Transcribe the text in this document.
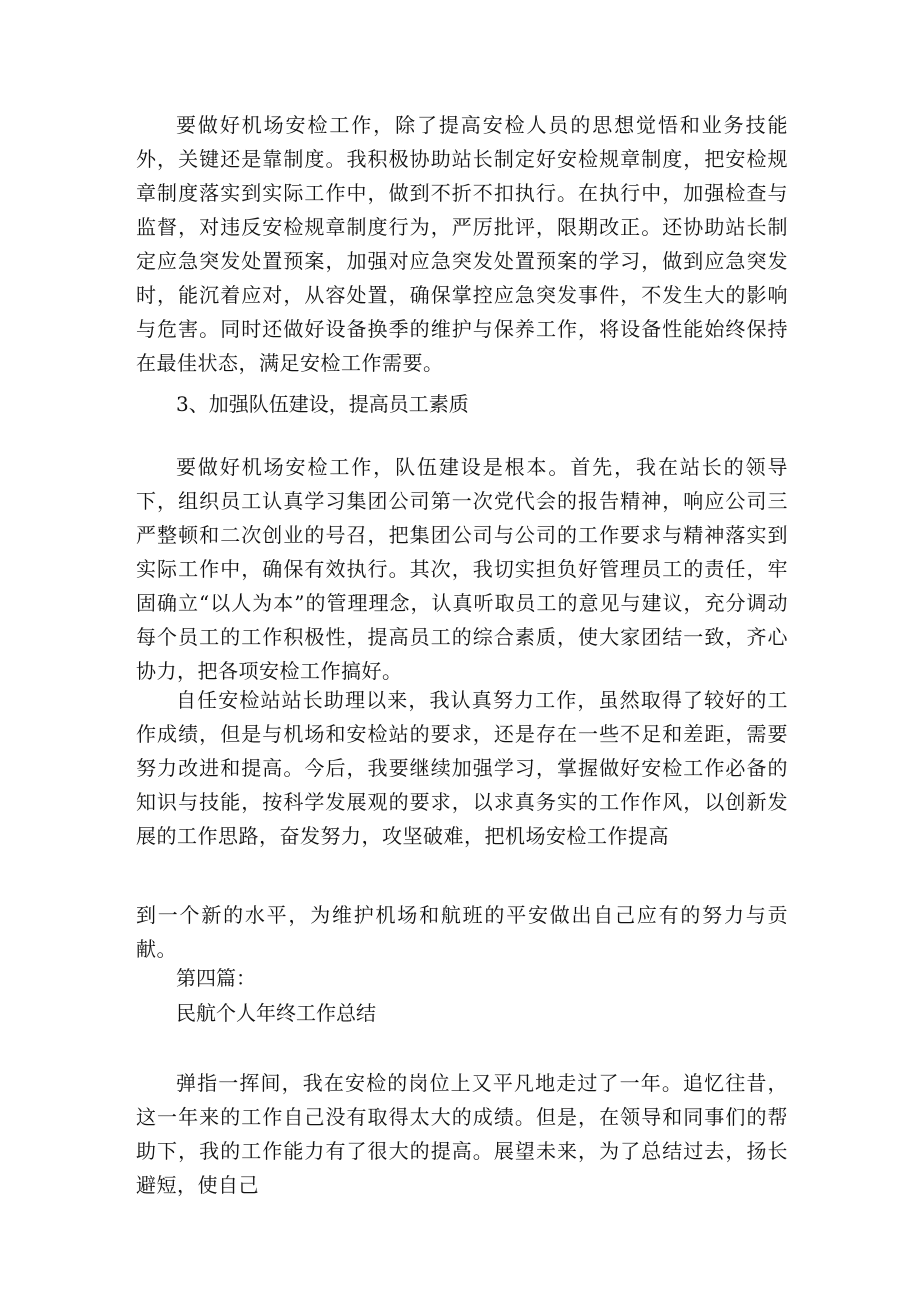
要做好机场安检工作，除了提高安检人员的思想觉悟和业务技能外，关键还是靠制度。我积极协助站长制定好安检规章制度，把安检规章制度落实到实际工作中，做到不折不扣执行。在执行中，加强检查与监督，对违反安检规章制度行为，严厉批评，限期改正。还协助站长制定应急突发处置预案，加强对应急突发处置预案的学习，做到应急突发时，能沉着应对，从容处置，确保掌控应急突发事件，不发生大的影响与危害。同时还做好设备换季的维护与保养工作，将设备性能始终保持在最佳状态，满足安检工作需要。

3、加强队伍建设，提高员工素质

要做好机场安检工作，队伍建设是根本。首先，我在站长的领导下，组织员工认真学习集团公司第一次党代会的报告精神，响应公司三严整顿和二次创业的号召，把集团公司与公司的工作要求与精神落实到实际工作中，确保有效执行。其次，我切实担负好管理员工的责任，牢固确立“以人为本”的管理理念，认真听取员工的意见与建议，充分调动每个员工的工作积极性，提高员工的综合素质，使大家团结一致，齐心协力，把各项安检工作搞好。

自任安检站站长助理以来，我认真努力工作，虽然取得了较好的工作成绩，但是与机场和安检站的要求，还是存在一些不足和差距，需要努力改进和提高。今后，我要继续加强学习，掌握做好安检工作必备的知识与技能，按科学发展观的要求，以求真务实的工作作风，以创新发展的工作思路，奋发努力，攻坚破难，把机场安检工作提高

到一个新的水平，为维护机场和航班的平安做出自己应有的努力与贡献。

第四篇：

民航个人年终工作总结

弹指一挥间，我在安检的岗位上又平凡地走过了一年。追忆往昔，这一年来的工作自己没有取得太大的成绩。但是，在领导和同事们的帮助下，我的工作能力有了很大的提高。展望未来，为了总结过去，扬长避短，使自己
